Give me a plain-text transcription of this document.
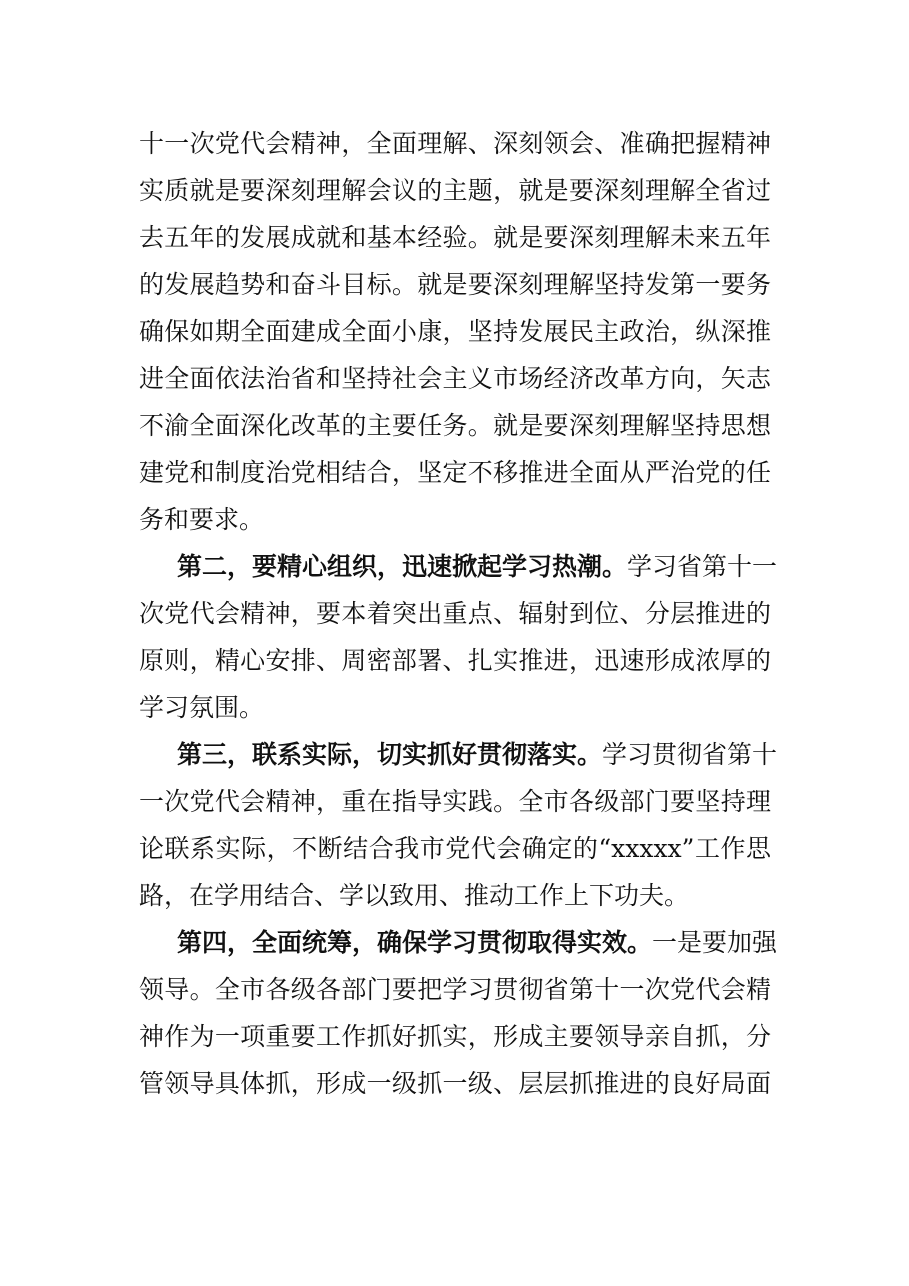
十一次党代会精神，全面理解、深刻领会、准确把握精神
实质就是要深刻理解会议的主题，就是要深刻理解全省过
去五年的发展成就和基本经验。就是要深刻理解未来五年
的发展趋势和奋斗目标。就是要深刻理解坚持发第一要务
确保如期全面建成全面小康，坚持发展民主政治，纵深推
进全面依法治省和坚持社会主义市场经济改革方向，矢志
不渝全面深化改革的主要任务。就是要深刻理解坚持思想
建党和制度治党相结合，坚定不移推进全面从严治党的任
务和要求。
第二，要精心组织，迅速掀起学习热潮。学习省第十一
次党代会精神，要本着突出重点、辐射到位、分层推进的
原则，精心安排、周密部署、扎实推进，迅速形成浓厚的
学习氛围。
第三，联系实际，切实抓好贯彻落实。学习贯彻省第十
一次党代会精神，重在指导实践。全市各级部门要坚持理
论联系实际，不断结合我市党代会确定的“xxxxx”工作思
路，在学用结合、学以致用、推动工作上下功夫。
第四，全面统筹，确保学习贯彻取得实效。一是要加强
领导。全市各级各部门要把学习贯彻省第十一次党代会精
神作为一项重要工作抓好抓实，形成主要领导亲自抓，分
管领导具体抓，形成一级抓一级、层层抓推进的良好局面
